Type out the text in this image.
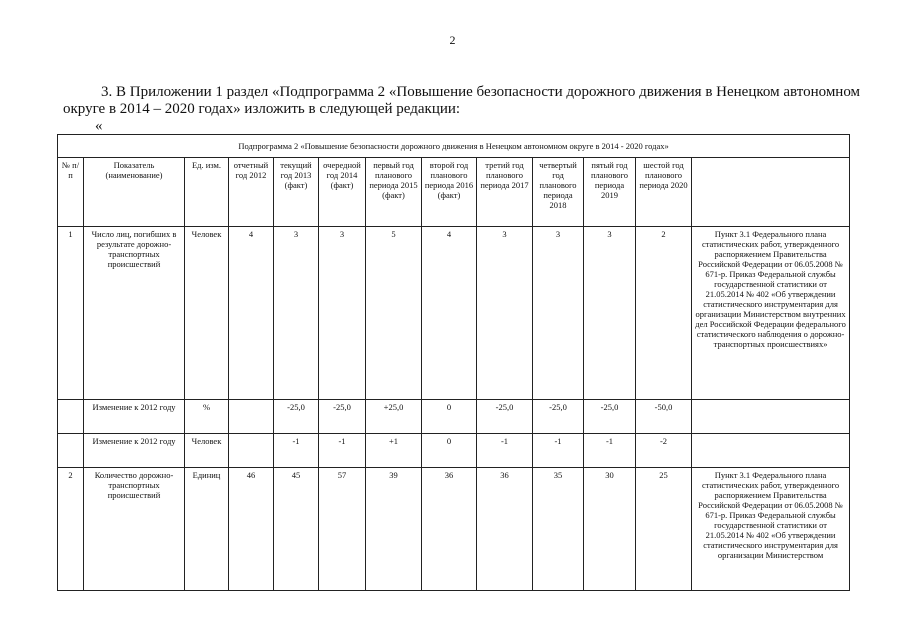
2
3. В Приложении 1 раздел «Подпрограмма 2 «Повышение безопасности дорожного движения в Ненецком автономном округе в 2014 – 2020 годах» изложить в следующей редакции:
«
Подпрограмма 2 «Повышение безопасности дорожного движения в Ненецком автономном округе в 2014 - 2020 годах»												
№ п/п	Показатель (наименование)	Ед. изм.	отчетный год 2012	текущий год 2013 (факт)	очередной год 2014 (факт)	первый год планового периода 2015 (факт)	второй год планового периода 2016 (факт)	третий год планового периода 2017	четвертый год планового периода 2018	пятый год планового периода 2019	шестой год планового периода 2020	
1	Число лиц, погибших в результате дорожно-транспортных происшествий	Человек	4	3	3	5	4	3	3	3	2	Пункт 3.1 Федерального плана статистических работ, утвержденного распоряжением Правительства Российской Федерации от 06.05.2008 № 671-р. Приказ Федеральной службы государственной статистики от 21.05.2014 № 402 «Об утверждении статистического инструментария для организации Министерством внутренних дел Российской Федерации федерального статистического наблюдения о дорожно-транспортных происшествиях»
	Изменение к 2012 году	%		-25,0	-25,0	+25,0	0	-25,0	-25,0	-25,0	-50,0	
	Изменение к 2012 году	Человек		-1	-1	+1	0	-1	-1	-1	-2	
2	Количество дорожно-транспортных происшествий	Единиц	46	45	57	39	36	36	35	30	25	Пункт 3.1 Федерального плана статистических работ, утвержденного распоряжением Правительства Российской Федерации от 06.05.2008 № 671-р. Приказ Федеральной службы государственной статистики от 21.05.2014 № 402 «Об утверждении статистического инструментария для организации Министерством
